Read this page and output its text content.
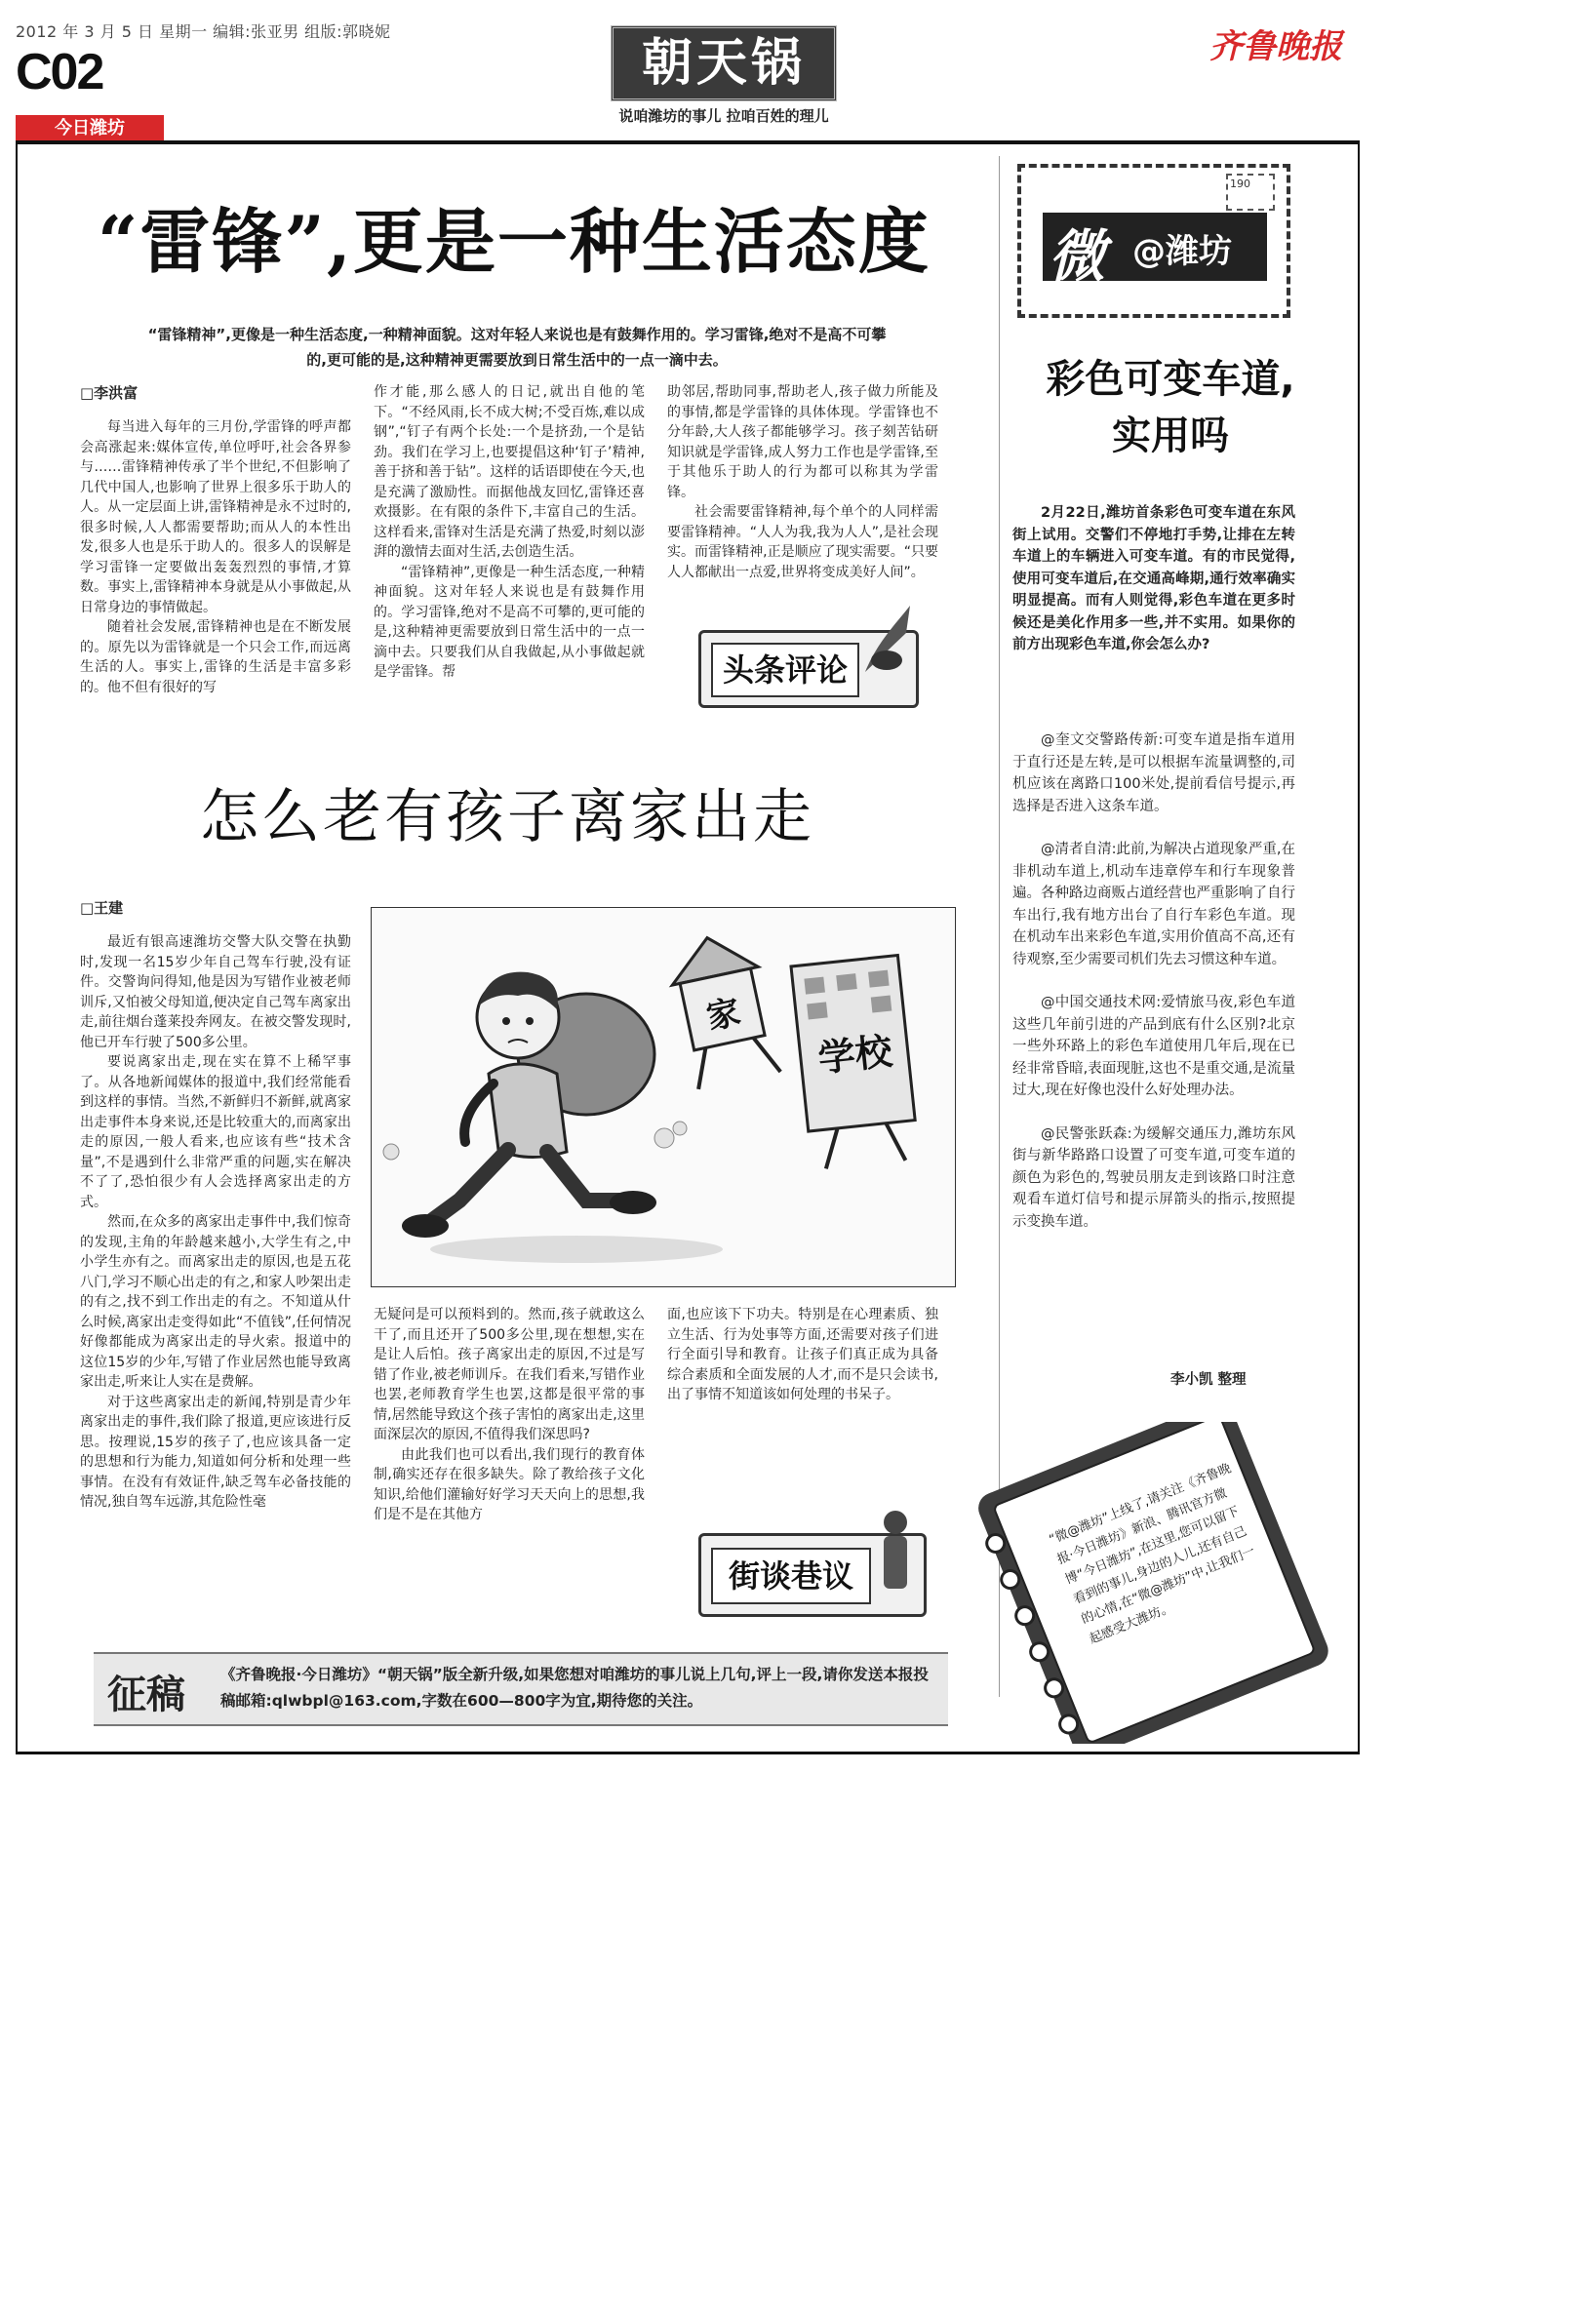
2012 年 3 月 5 日 星期一 编辑:张亚男 组版:郭晓妮
C02
今日潍坊
朝天锅
说咱潍坊的事儿 拉咱百姓的理儿
齐鲁晚报
“雷锋”,更是一种生活态度
“雷锋精神”,更像是一种生活态度,一种精神面貌。这对年轻人来说也是有鼓舞作用的。学习雷锋,绝对不是高不可攀的,更可能的是,这种精神更需要放到日常生活中的一点一滴中去。
□李洪富

每当进入每年的三月份,学雷锋的呼声都会高涨起来:媒体宣传,单位呼吁,社会各界参与……雷锋精神传承了半个世纪,不但影响了几代中国人,也影响了世界上很多乐于助人的人。从一定层面上讲,雷锋精神是永不过时的,很多时候,人人都需要帮助;而从人的本性出发,很多人也是乐于助人的。很多人的误解是学习雷锋一定要做出轰轰烈烈的事情,才算数。事实上,雷锋精神本身就是从小事做起,从日常身边的事情做起。

随着社会发展,雷锋精神也是在不断发展的。原先以为雷锋就是一个只会工作,而远离生活的人。事实上,雷锋的生活是丰富多彩的。他不但有很好的写

作才能,那么感人的日记,就出自他的笔下。“不经风雨,长不成大树;不受百炼,难以成钢”,“钉子有两个长处:一个是挤劲,一个是钻劲。我们在学习上,也要提倡这种‘钉子’精神,善于挤和善于钻”。这样的话语即使在今天,也是充满了激励性。而据他战友回忆,雷锋还喜欢摄影。在有限的条件下,丰富自己的生活。这样看来,雷锋对生活是充满了热爱,时刻以澎湃的激情去面对生活,去创造生活。

“雷锋精神”,更像是一种生活态度,一种精神面貌。这对年轻人来说也是有鼓舞作用的。学习雷锋,绝对不是高不可攀的,更可能的是,这种精神更需要放到日常生活中的一点一滴中去。只要我们从自我做起,从小事做起就是学雷锋。帮

助邻居,帮助同事,帮助老人,孩子做力所能及的事情,都是学雷锋的具体体现。学雷锋也不分年龄,大人孩子都能够学习。孩子刻苦钻研知识就是学雷锋,成人努力工作也是学雷锋,至于其他乐于助人的行为都可以称其为学雷锋。

社会需要雷锋精神,每个单个的人同样需要雷锋精神。“人人为我,我为人人”,是社会现实。而雷锋精神,正是顺应了现实需要。“只要人人都献出一点爱,世界将变成美好人间”。

头条评论
怎么老有孩子离家出走
□王建

最近有银高速潍坊交警大队交警在执勤时,发现一名15岁少年自己驾车行驶,没有证件。交警询问得知,他是因为写错作业被老师训斥,又怕被父母知道,便决定自己驾车离家出走,前往烟台蓬莱投奔网友。在被交警发现时,他已开车行驶了500多公里。

要说离家出走,现在实在算不上稀罕事了。从各地新闻媒体的报道中,我们经常能看到这样的事情。当然,不新鲜归不新鲜,就离家出走事件本身来说,还是比较重大的,而离家出走的原因,一般人看来,也应该有些“技术含量”,不是遇到什么非常严重的问题,实在解决不了了,恐怕很少有人会选择离家出走的方式。

然而,在众多的离家出走事件中,我们惊奇的发现,主角的年龄越来越小,大学生有之,中小学生亦有之。而离家出走的原因,也是五花八门,学习不顺心出走的有之,和家人吵架出走的有之,找不到工作出走的有之。不知道从什么时候,离家出走变得如此“不值钱”,任何情况好像都能成为离家出走的导火索。报道中的这位15岁的少年,写错了作业居然也能导致离家出走,听来让人实在是费解。

对于这些离家出走的新闻,特别是青少年离家出走的事件,我们除了报道,更应该进行反思。按理说,15岁的孩子了,也应该具备一定的思想和行为能力,知道如何分析和处理一些事情。在没有有效证件,缺乏驾车必备技能的情况,独自驾车远游,其危险性毫

家
学校

无疑问是可以预料到的。然而,孩子就敢这么干了,而且还开了500多公里,现在想想,实在是让人后怕。孩子离家出走的原因,不过是写错了作业,被老师训斥。在我们看来,写错作业也罢,老师教育学生也罢,这都是很平常的事情,居然能导致这个孩子害怕的离家出走,这里面深层次的原因,不值得我们深思吗?

由此我们也可以看出,我们现行的教育体制,确实还存在很多缺失。除了教给孩子文化知识,给他们灌输好好学习天天向上的思想,我们是不是在其他方

面,也应该下下功夫。特别是在心理素质、独立生活、行为处事等方面,还需要对孩子们进行全面引导和教育。让孩子们真正成为具备综合素质和全面发展的人才,而不是只会读书,出了事情不知道该如何处理的书呆子。

街谈巷议
微 @潍坊
190
彩色可变车道,
实用吗

2月22日,潍坊首条彩色可变车道在东风街上试用。交警们不停地打手势,让排在左转车道上的车辆进入可变车道。有的市民觉得,使用可变车道后,在交通高峰期,通行效率确实明显提高。而有人则觉得,彩色车道在更多时候还是美化作用多一些,并不实用。如果你的前方出现彩色车道,你会怎么办?

@奎文交警路传新:可变车道是指车道用于直行还是左转,是可以根据车流量调整的,司机应该在离路口100米处,提前看信号提示,再选择是否进入这条车道。

@清者自清:此前,为解决占道现象严重,在非机动车道上,机动车违章停车和行车现象普遍。各种路边商贩占道经营也严重影响了自行车出行,我有地方出台了自行车彩色车道。现在机动车出来彩色车道,实用价值高不高,还有待观察,至少需要司机们先去习惯这种车道。

@中国交通技术网:爱情旅马夜,彩色车道这些几年前引进的产品到底有什么区别?北京一些外环路上的彩色车道使用几年后,现在已经非常昏暗,表面现脏,这也不是重交通,是流量过大,现在好像也没什么好处理办法。

@民警张跃森:为缓解交通压力,潍坊东风街与新华路路口设置了可变车道,可变车道的颜色为彩色的,驾驶员朋友走到该路口时注意观看车道灯信号和提示屏箭头的指示,按照提示变换车道。

李小凯 整理
“微@潍坊”上线了,请关注《齐鲁晚报·今日潍坊》新浪、腾讯官方微博“今日潍坊”,在这里,您可以留下看到的事儿,身边的人儿,还有自己的心情,在“微@潍坊”中,让我们一起感受大潍坊。
征稿 《齐鲁晚报·今日潍坊》“朝天锅”版全新升级,如果您想对咱潍坊的事儿说上几句,评上一段,请你发送本报投稿邮箱:qlwbpl@163.com,字数在600—800字为宜,期待您的关注。
